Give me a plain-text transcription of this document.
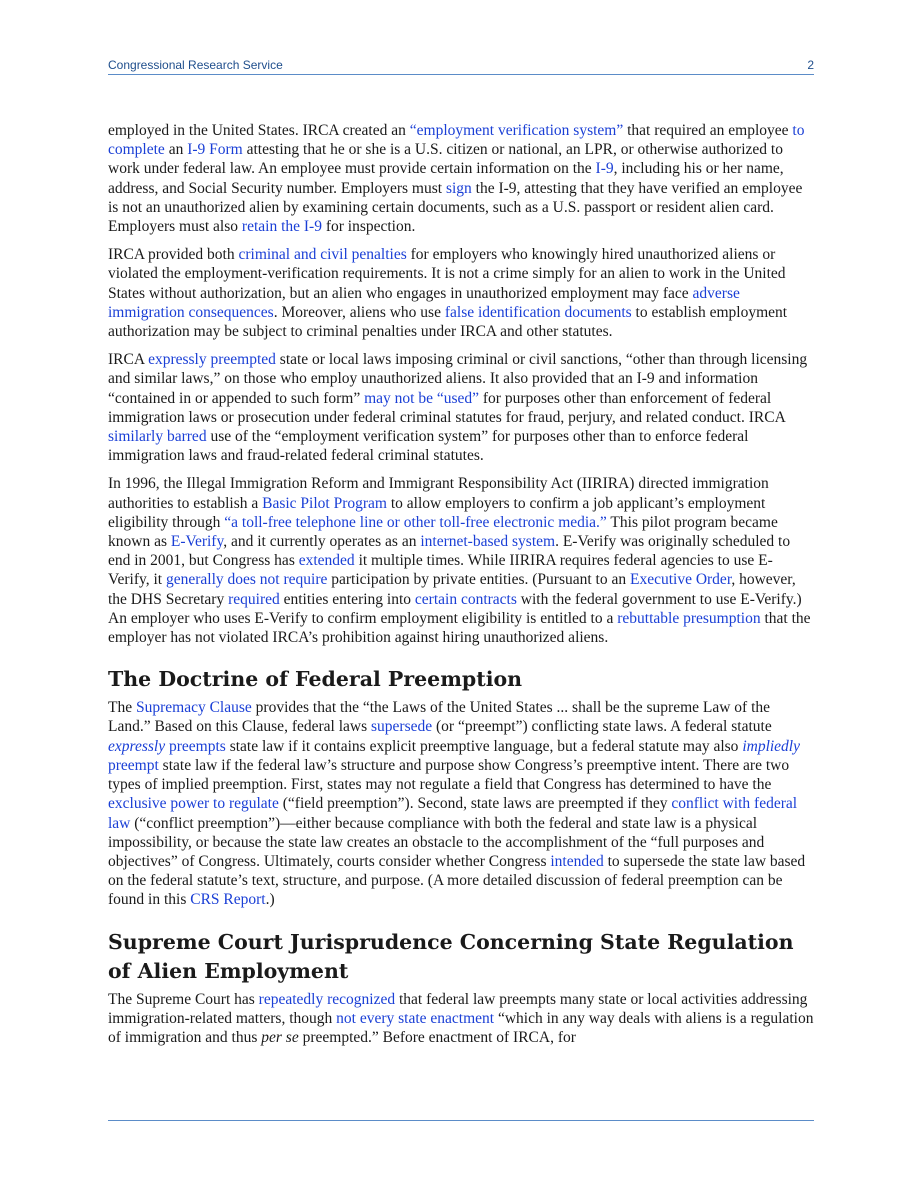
Congressional Research Service	2

employed in the United States. IRCA created an “employment verification system” that required an employee to complete an I-9 Form attesting that he or she is a U.S. citizen or national, an LPR, or otherwise authorized to work under federal law. An employee must provide certain information on the I-9, including his or her name, address, and Social Security number. Employers must sign the I-9, attesting that they have verified an employee is not an unauthorized alien by examining certain documents, such as a U.S. passport or resident alien card. Employers must also retain the I-9 for inspection.

IRCA provided both criminal and civil penalties for employers who knowingly hired unauthorized aliens or violated the employment-verification requirements. It is not a crime simply for an alien to work in the United States without authorization, but an alien who engages in unauthorized employment may face adverse immigration consequences. Moreover, aliens who use false identification documents to establish employment authorization may be subject to criminal penalties under IRCA and other statutes.

IRCA expressly preempted state or local laws imposing criminal or civil sanctions, “other than through licensing and similar laws,” on those who employ unauthorized aliens. It also provided that an I-9 and information “contained in or appended to such form” may not be “used” for purposes other than enforcement of federal immigration laws or prosecution under federal criminal statutes for fraud, perjury, and related conduct. IRCA similarly barred use of the “employment verification system” for purposes other than to enforce federal immigration laws and fraud-related federal criminal statutes.

In 1996, the Illegal Immigration Reform and Immigrant Responsibility Act (IIRIRA) directed immigration authorities to establish a Basic Pilot Program to allow employers to confirm a job applicant’s employment eligibility through “a toll-free telephone line or other toll-free electronic media.” This pilot program became known as E-Verify, and it currently operates as an internet-based system. E-Verify was originally scheduled to end in 2001, but Congress has extended it multiple times. While IIRIRA requires federal agencies to use E-Verify, it generally does not require participation by private entities. (Pursuant to an Executive Order, however, the DHS Secretary required entities entering into certain contracts with the federal government to use E-Verify.) An employer who uses E-Verify to confirm employment eligibility is entitled to a rebuttable presumption that the employer has not violated IRCA’s prohibition against hiring unauthorized aliens.

The Doctrine of Federal Preemption

The Supremacy Clause provides that the “the Laws of the United States ... shall be the supreme Law of the Land.” Based on this Clause, federal laws supersede (or “preempt”) conflicting state laws. A federal statute expressly preempts state law if it contains explicit preemptive language, but a federal statute may also impliedly preempt state law if the federal law’s structure and purpose show Congress’s preemptive intent. There are two types of implied preemption. First, states may not regulate a field that Congress has determined to have the exclusive power to regulate (“field preemption”). Second, state laws are preempted if they conflict with federal law (“conflict preemption”)—either because compliance with both the federal and state law is a physical impossibility, or because the state law creates an obstacle to the accomplishment of the “full purposes and objectives” of Congress. Ultimately, courts consider whether Congress intended to supersede the state law based on the federal statute’s text, structure, and purpose. (A more detailed discussion of federal preemption can be found in this CRS Report.)

Supreme Court Jurisprudence Concerning State Regulation of Alien Employment

The Supreme Court has repeatedly recognized that federal law preempts many state or local activities addressing immigration-related matters, though not every state enactment “which in any way deals with aliens is a regulation of immigration and thus per se preempted.” Before enactment of IRCA, for
